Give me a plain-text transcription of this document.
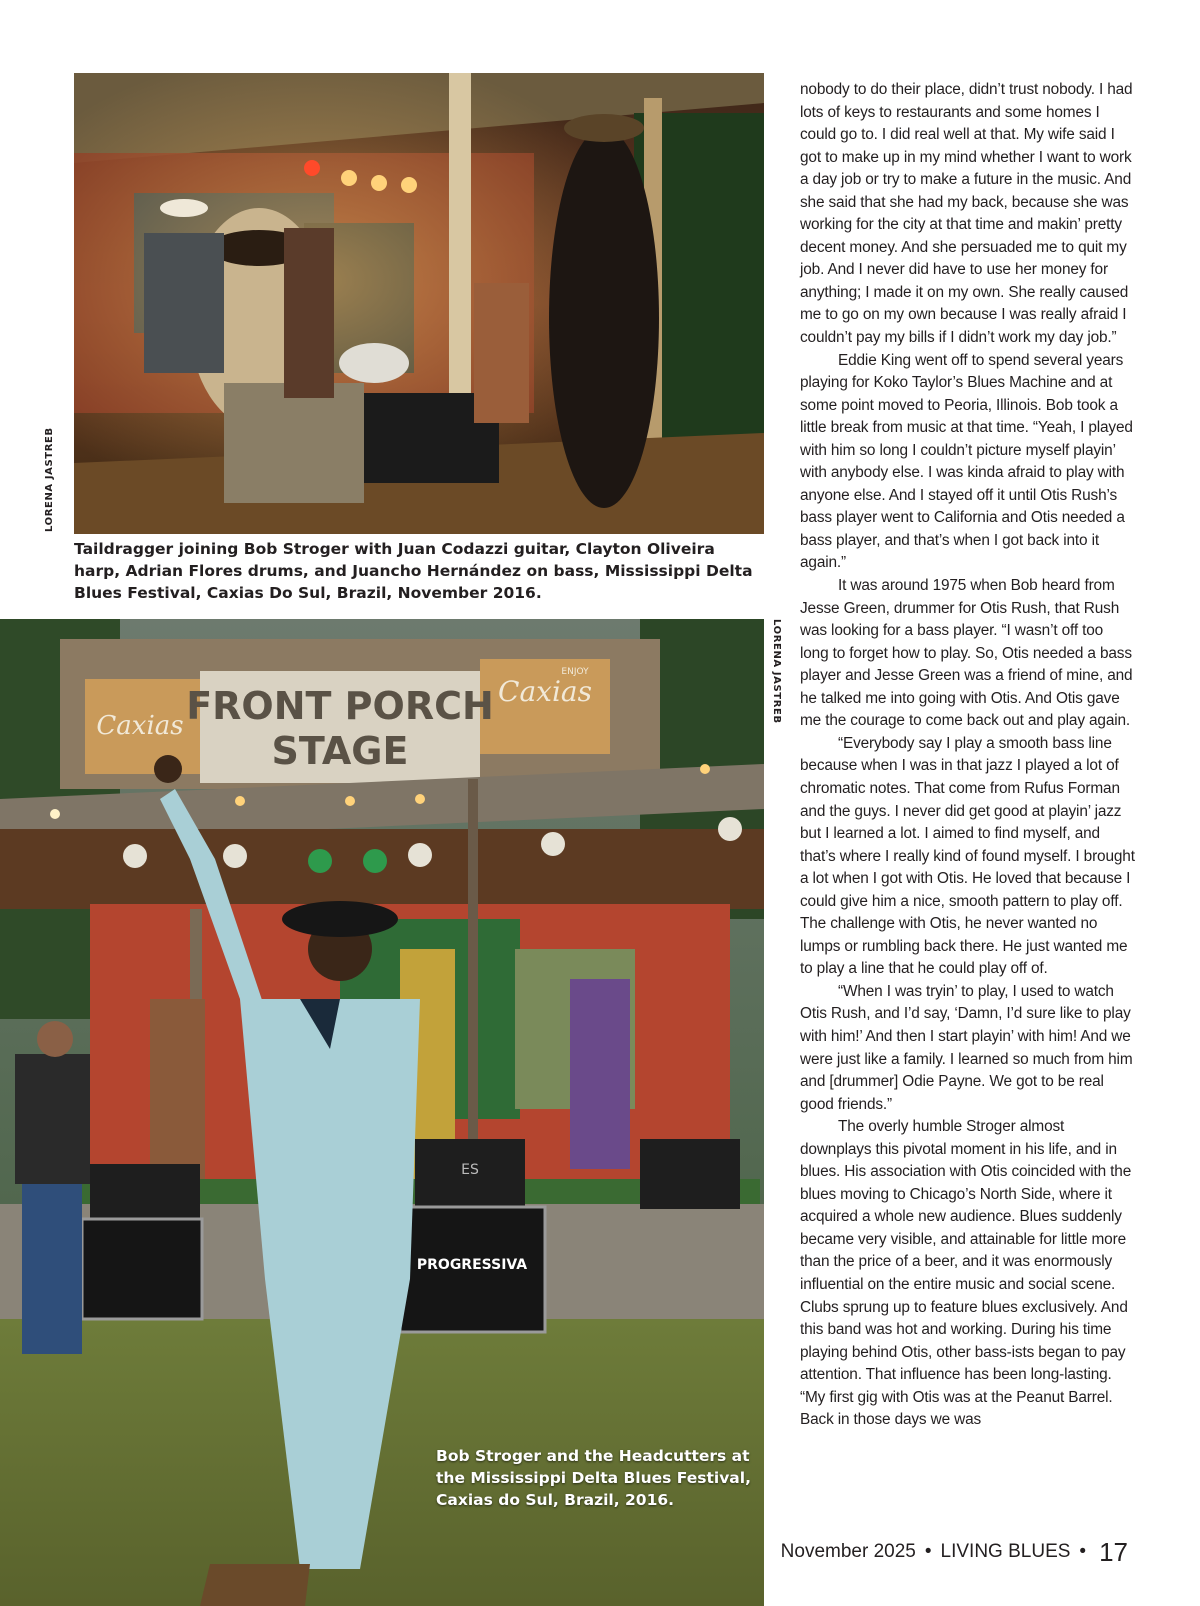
LORENA JASTREB

Taildragger joining Bob Stroger with Juan Codazzi guitar, Clayton Oliveira harp, Adrian Flores drums, and Juancho Hernández on bass, Mississippi Delta Blues Festival, Caxias Do Sul, Brazil, November 2016.

FRONT PORCH
STAGE
Caxias
Caxias
ENJOY
ES
PROGRESSIVA
LORENA JASTREB

Bob Stroger and the Headcutters at the Mississippi Delta Blues Festival, Caxias do Sul, Brazil, 2016.

nobody to do their place, didn’t trust nobody. I had lots of keys to restaurants and some homes I could go to. I did real well at that. My wife said I got to make up in my mind whether I want to work a day job or try to make a future in the music. And she said that she had my back, because she was working for the city at that time and makin’ pretty decent money. And she persuaded me to quit my job. And I never did have to use her money for anything; I made it on my own. She really caused me to go on my own because I was really afraid I couldn’t pay my bills if I didn’t work my day job.”

Eddie King went off to spend several years playing for Koko Taylor’s Blues Machine and at some point moved to Peoria, Illinois. Bob took a little break from music at that time. “Yeah, I played with him so long I couldn’t picture myself playin’ with anybody else. I was kinda afraid to play with anyone else. And I stayed off it until Otis Rush’s bass player went to California and Otis needed a bass player, and that’s when I got back into it again.”

It was around 1975 when Bob heard from Jesse Green, drummer for Otis Rush, that Rush was looking for a bass player. “I wasn’t off too long to forget how to play. So, Otis needed a bass player and Jesse Green was a friend of mine, and he talked me into going with Otis. And Otis gave me the courage to come back out and play again.

“Everybody say I play a smooth bass line because when I was in that jazz I played a lot of chromatic notes. That come from Rufus Forman and the guys. I never did get good at playin’ jazz but I learned a lot. I aimed to find myself, and that’s where I really kind of found myself. I brought a lot when I got with Otis. He loved that because I could give him a nice, smooth pattern to play off. The challenge with Otis, he never wanted no lumps or rumbling back there. He just wanted me to play a line that he could play off of.

“When I was tryin’ to play, I used to watch Otis Rush, and I’d say, ‘Damn, I’d sure like to play with him!’ And then I start playin’ with him! And we were just like a family. I learned so much from him and [drummer] Odie Payne. We got to be real good friends.”

The overly humble Stroger almost downplays this pivotal moment in his life, and in blues. His association with Otis coincided with the blues moving to Chicago’s North Side, where it acquired a whole new audience. Blues suddenly became very visible, and attainable for little more than the price of a beer, and it was enormously influential on the entire music and social scene. Clubs sprung up to feature blues exclusively. And this band was hot and working. During his time playing behind Otis, other bass-ists began to pay attention. That influence has been long-lasting. “My first gig with Otis was at the Peanut Barrel. Back in those days we was

November 2025 • LIVING BLUES • 17
